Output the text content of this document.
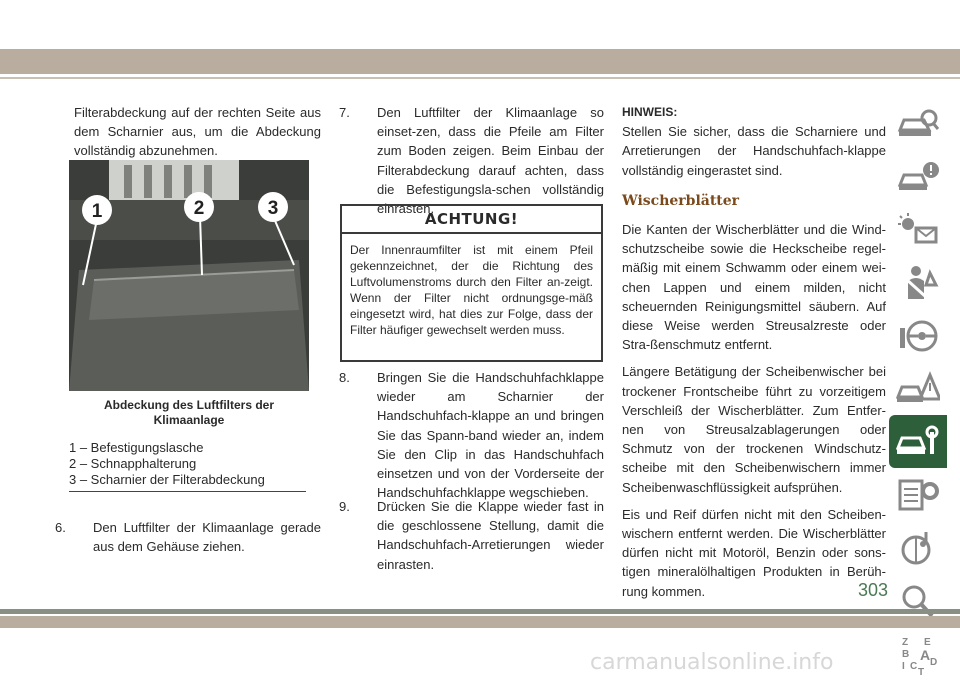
Filterabdeckung auf der rechten Seite aus dem Scharnier aus, um die Abdeckung vollständig abzunehmen.

1	2	3
Abdeckung des Luftfilters der Klimaanlage
1 – Befestigungslasche
2 – Schnapphalterung
3 – Scharnier der Filterabdeckung
6. Den Luftfilter der Klimaanlage gerade aus dem Gehäuse ziehen.
7. Den Luftfilter der Klimaanlage so einset-zen, dass die Pfeile am Filter zum Boden zeigen. Beim Einbau der Filterabdeckung darauf achten, dass die Befestigungsla-schen vollständig einrasten.
ACHTUNG!
Der Innenraumfilter ist mit einem Pfeil gekennzeichnet, der die Richtung des Luftvolumenstroms durch den Filter an-zeigt. Wenn der Filter nicht ordnungsge-mäß eingesetzt wird, hat dies zur Folge, dass der Filter häufiger gewechselt werden muss.
8. Bringen Sie die Handschuhfachklappe wieder am Scharnier der Handschuhfach-klappe an und bringen Sie das Spann-band wieder an, indem Sie den Clip in das Handschuhfach einsetzen und von der Vorderseite der Handschuhfachklappe wegschieben.
9. Drücken Sie die Klappe wieder fast in die geschlossene Stellung, damit die Handschuhfach-Arretierungen wieder einrasten.
HINWEIS:

Stellen Sie sicher, dass die Scharniere und Arretierungen der Handschuhfach-klappe vollständig eingerastet sind.

Wischerblätter

Die Kanten der Wischerblätter und die Wind-schutzscheibe sowie die Heckscheibe regel-mäßig mit einem Schwamm oder einem wei-chen Lappen und einem milden, nicht scheuernden Reinigungsmittel säubern. Auf diese Weise werden Streusalzreste oder Stra-ßenschmutz entfernt.

Längere Betätigung der Scheibenwischer bei trockener Frontscheibe führt zu vorzeitigem Verschleiß der Wischerblätter. Zum Entfer-nen von Streusalzablagerungen oder Schmutz von der trockenen Windschutz-scheibe mit den Scheibenwischern immer Scheibenwaschflüssigkeit aufsprühen.

Eis und Reif dürfen nicht mit den Scheiben-wischern entfernt werden. Die Wischerblätter dürfen nicht mit Motoröl, Benzin oder sons-tigen mineralölhaltigen Produkten in Berüh-rung kommen.

Z E
B A
I C D
T
303
carmanualsonline.info
